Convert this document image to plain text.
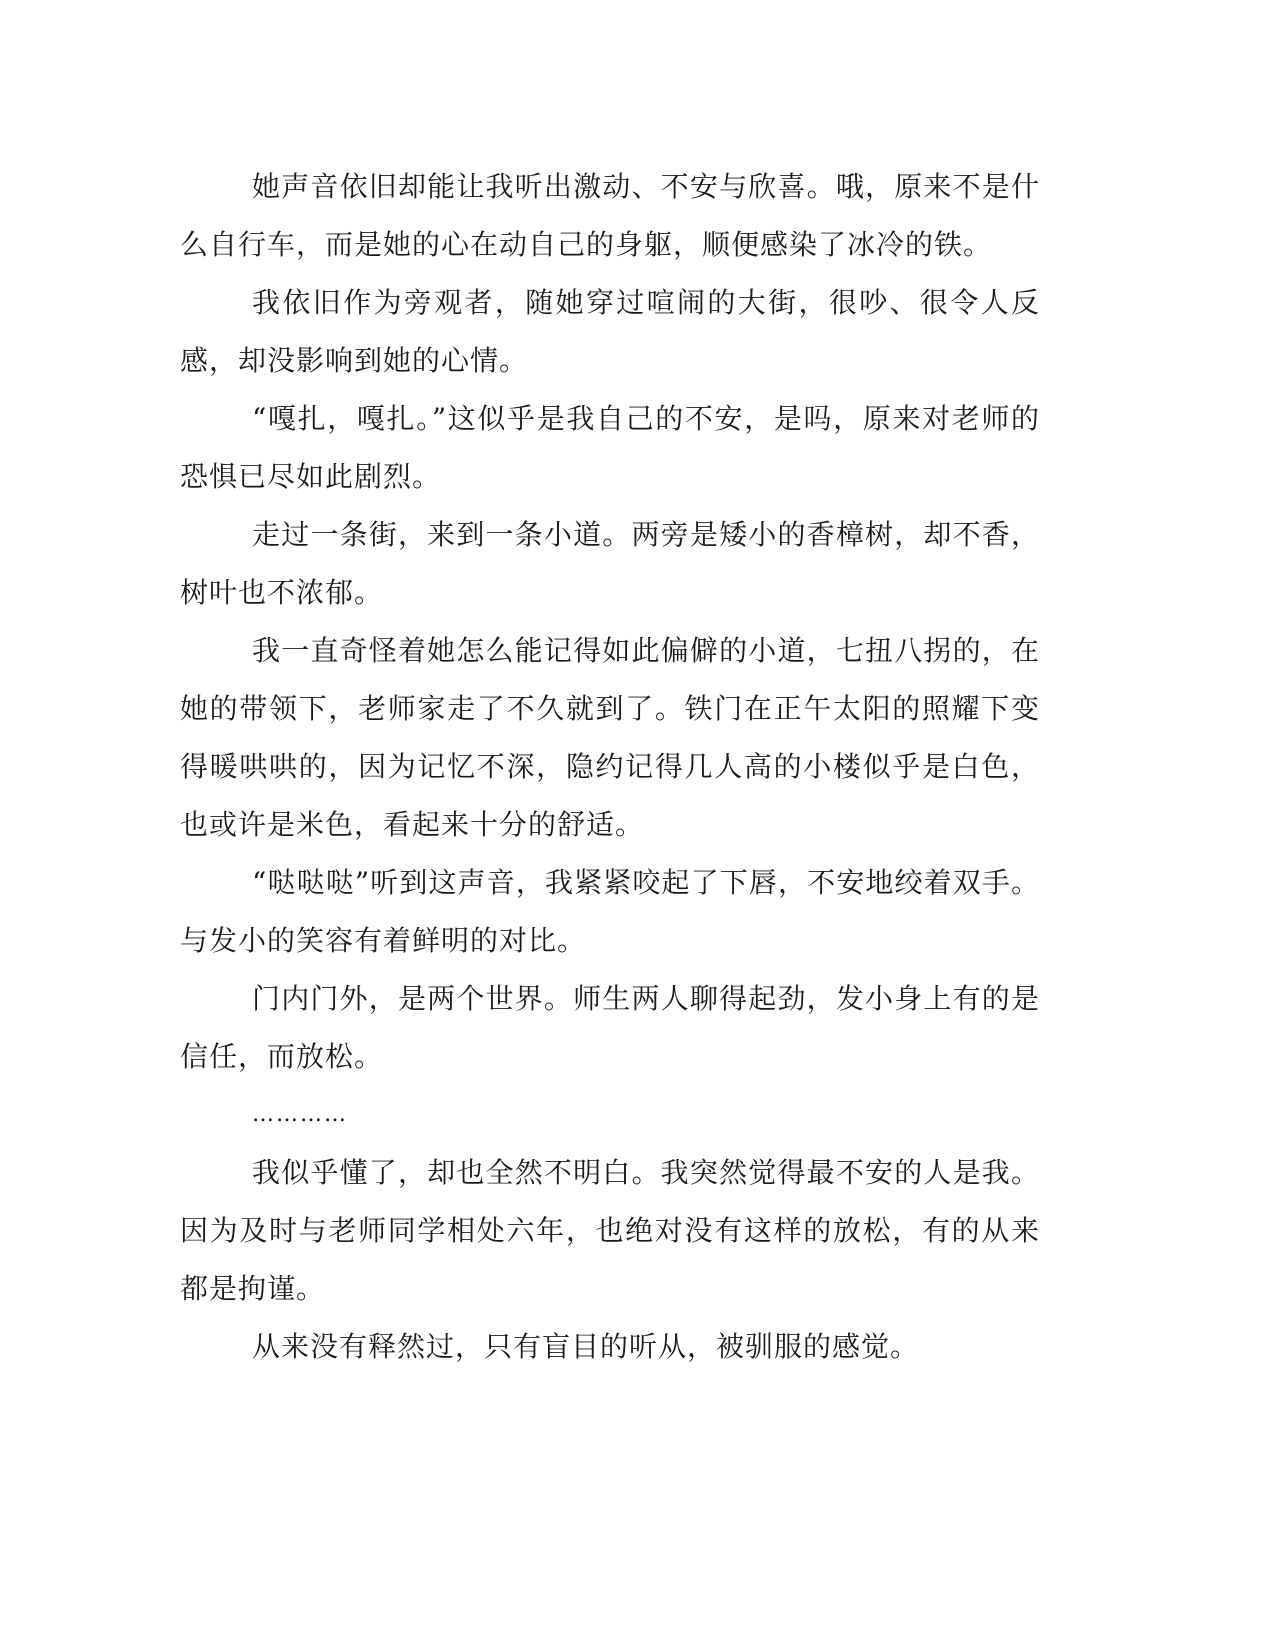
她声音依旧却能让我听出激动、不安与欣喜。哦，原来不是什么自行车，而是她的心在动自己的身躯，顺便感染了冰冷的铁。

我依旧作为旁观者，随她穿过喧闹的大街，很吵、很令人反感，却没影响到她的心情。

“嘎扎，嘎扎。”这似乎是我自己的不安，是吗，原来对老师的恐惧已尽如此剧烈。

走过一条街，来到一条小道。两旁是矮小的香樟树，却不香，树叶也不浓郁。

我一直奇怪着她怎么能记得如此偏僻的小道，七扭八拐的，在她的带领下，老师家走了不久就到了。铁门在正午太阳的照耀下变得暖哄哄的，因为记忆不深，隐约记得几人高的小楼似乎是白色，也或许是米色，看起来十分的舒适。

“哒哒哒”听到这声音，我紧紧咬起了下唇，不安地绞着双手。与发小的笑容有着鲜明的对比。

门内门外，是两个世界。师生两人聊得起劲，发小身上有的是信任，而放松。

…………

我似乎懂了，却也全然不明白。我突然觉得最不安的人是我。因为及时与老师同学相处六年，也绝对没有这样的放松，有的从来都是拘谨。

从来没有释然过，只有盲目的听从，被驯服的感觉。
